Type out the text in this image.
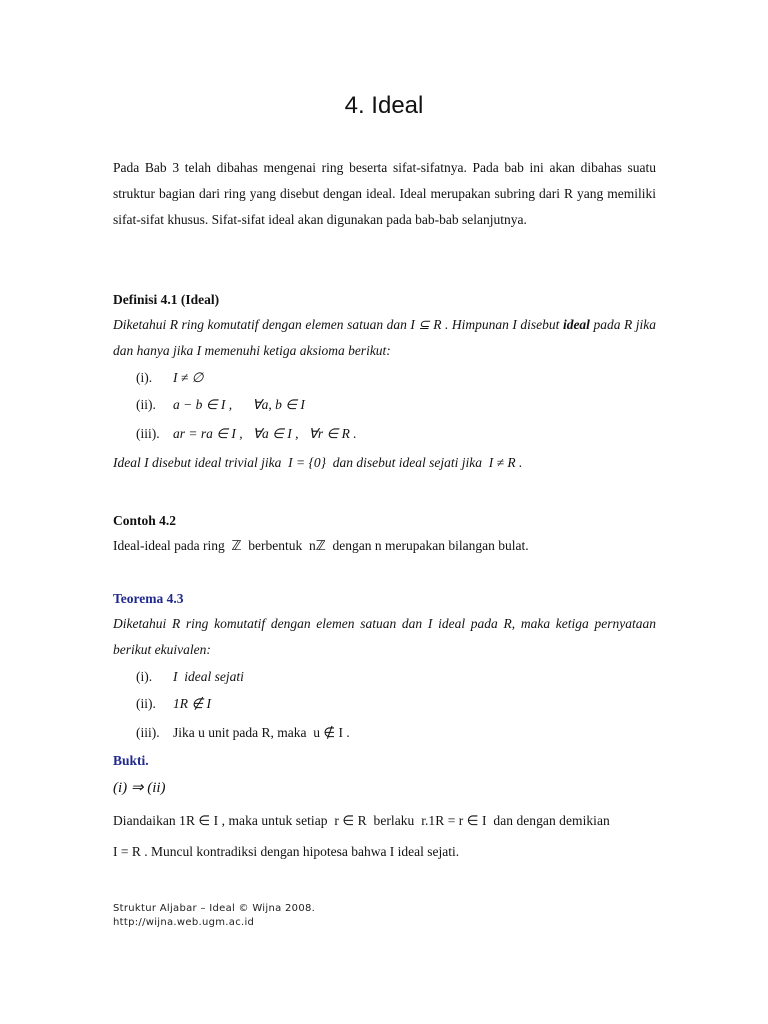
4. Ideal
Pada Bab 3 telah dibahas mengenai ring beserta sifat-sifatnya. Pada bab ini akan dibahas suatu struktur bagian dari ring yang disebut dengan ideal. Ideal merupakan subring dari R yang memiliki sifat-sifat khusus. Sifat-sifat ideal akan digunakan pada bab-bab selanjutnya.
Definisi 4.1 (Ideal)
Diketahui R ring komutatif dengan elemen satuan dan I ⊆ R . Himpunan I disebut ideal pada R jika dan hanya jika I memenuhi ketiga aksioma berikut:
(i). I ≠ ∅
(ii). a − b ∈ I ,      ∀a, b ∈ I
(iii). ar = ra ∈ I ,   ∀a ∈ I ,   ∀r ∈ R .
Ideal I disebut ideal trivial jika  I = {0}  dan disebut ideal sejati jika  I ≠ R .
Contoh 4.2
Ideal-ideal pada ring  ℤ  berbentuk  nℤ  dengan n merupakan bilangan bulat.
Teorema 4.3
Diketahui R ring komutatif dengan elemen satuan dan I ideal pada R, maka ketiga pernyataan berikut ekuivalen:
(i). I  ideal sejati
(ii). 1R ∉ I
(iii). Jika u unit pada R, maka  u ∉ I .
Bukti.
(i) ⇒ (ii)
Diandaikan 1R ∈ I , maka untuk setiap  r ∈ R  berlaku  r.1R = r ∈ I  dan dengan demikian
I = R . Muncul kontradiksi dengan hipotesa bahwa I ideal sejati.
Struktur Aljabar – Ideal © Wijna 2008.
http://wijna.web.ugm.ac.id
